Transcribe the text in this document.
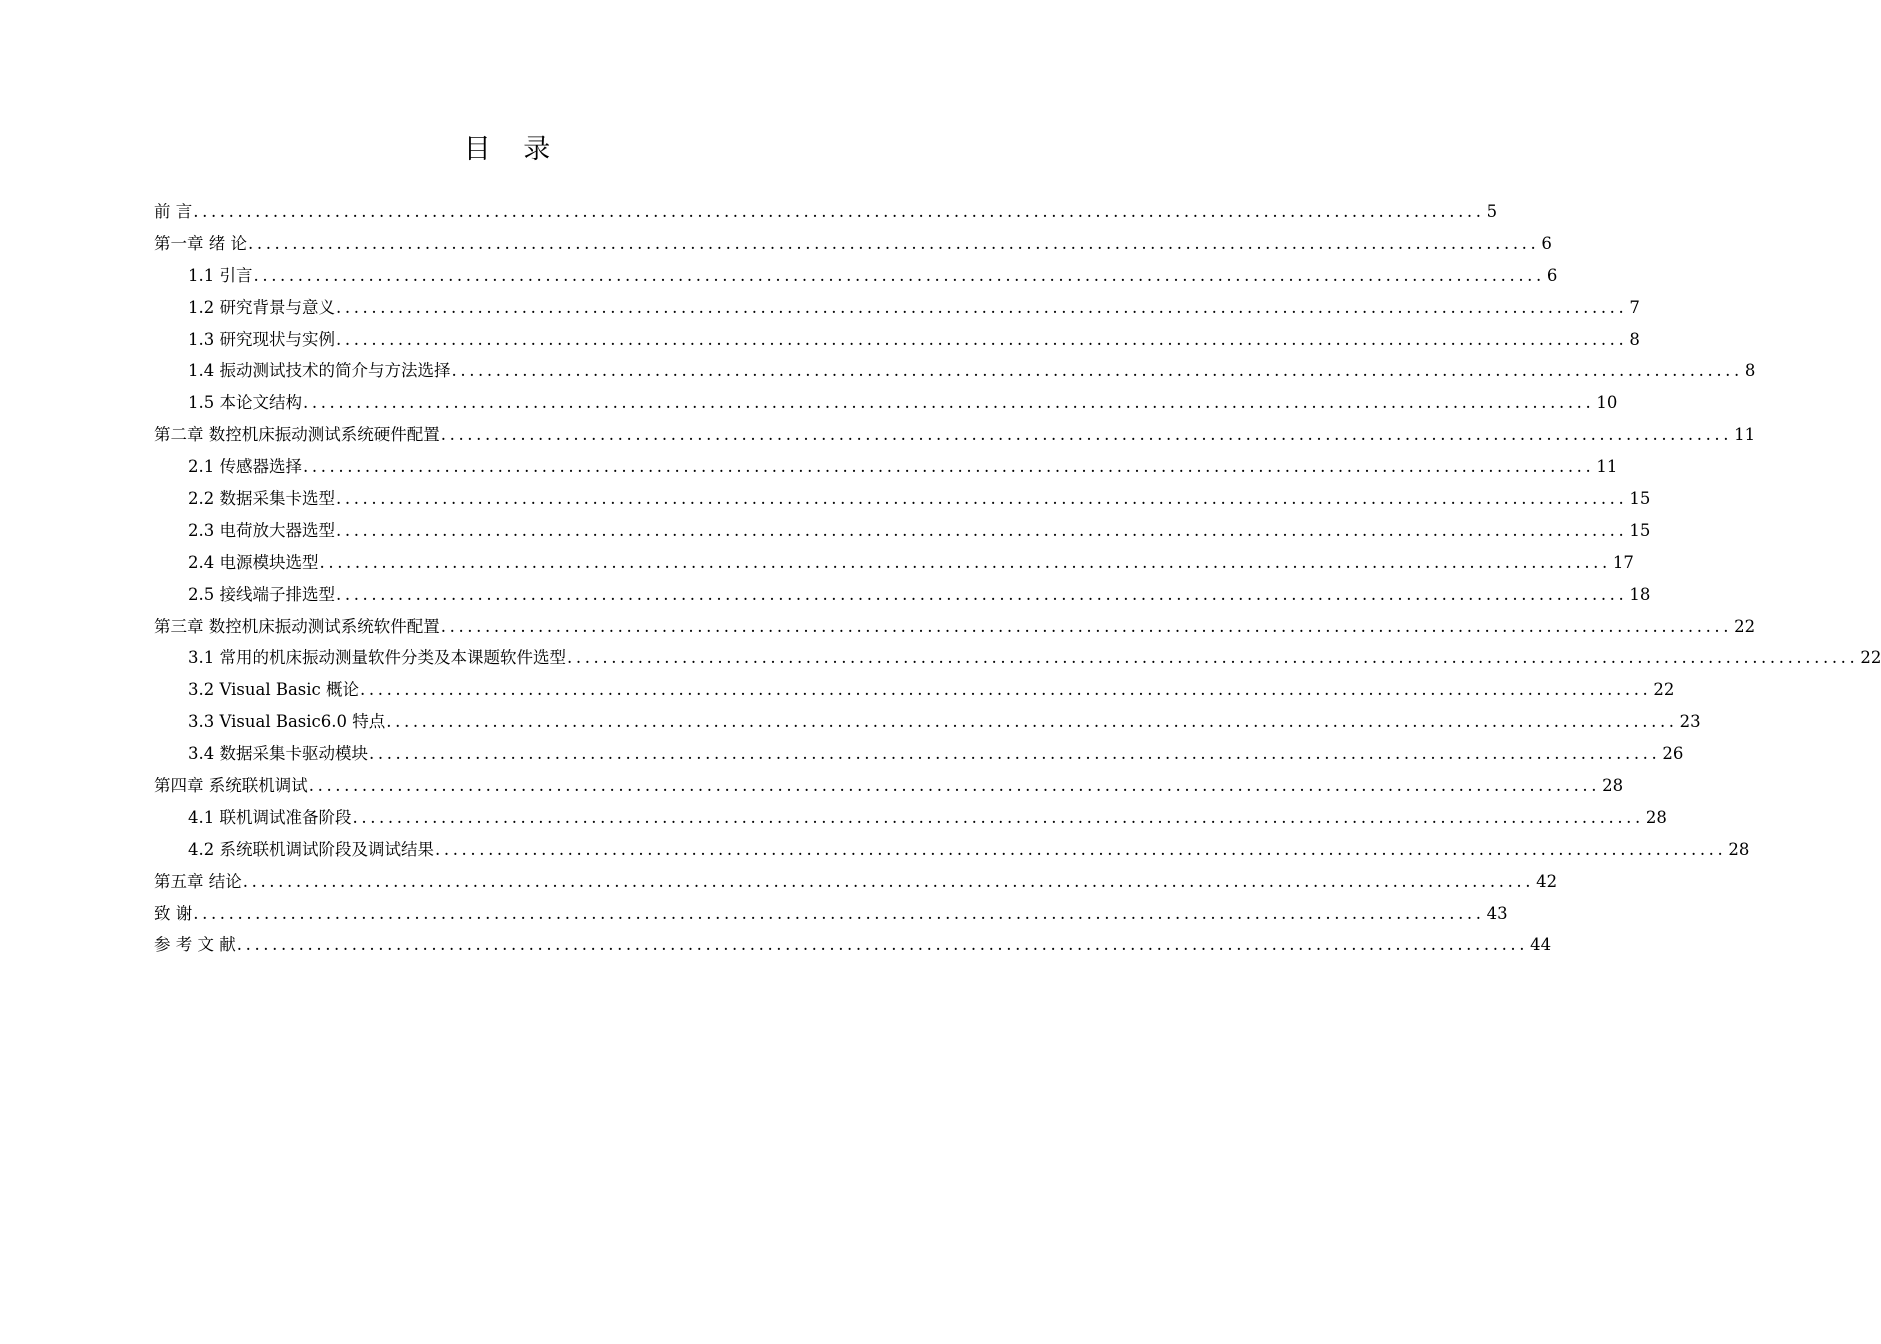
目 录
前 言 .................................................................................................................................................. 5
第一章 绪 论 .................................................................................................................................................. 6
1.1 引言 .................................................................................................................................................. 6
1.2 研究背景与意义 .................................................................................................................................................. 7
1.3 研究现状与实例 .................................................................................................................................................. 8
1.4 振动测试技术的简介与方法选择 .................................................................................................................................................. 8
1.5 本论文结构 .................................................................................................................................................. 10
第二章 数控机床振动测试系统硬件配置 .................................................................................................................................................. 11
2.1 传感器选择 .................................................................................................................................................. 11
2.2 数据采集卡选型 .................................................................................................................................................. 15
2.3 电荷放大器选型 .................................................................................................................................................. 15
2.4 电源模块选型 .................................................................................................................................................. 17
2.5 接线端子排选型 .................................................................................................................................................. 18
第三章 数控机床振动测试系统软件配置 .................................................................................................................................................. 22
3.1 常用的机床振动测量软件分类及本课题软件选型 .................................................................................................................................................. 22
3.2 Visual Basic 概论 .................................................................................................................................................. 22
3.3 Visual Basic6.0 特点 .................................................................................................................................................. 23
3.4 数据采集卡驱动模块 .................................................................................................................................................. 26
第四章 系统联机调试 .................................................................................................................................................. 28
4.1 联机调试准备阶段 .................................................................................................................................................. 28
4.2 系统联机调试阶段及调试结果 .................................................................................................................................................. 28
第五章 结论 .................................................................................................................................................. 42
致 谢 .................................................................................................................................................. 43
参 考 文 献 .................................................................................................................................................. 44
